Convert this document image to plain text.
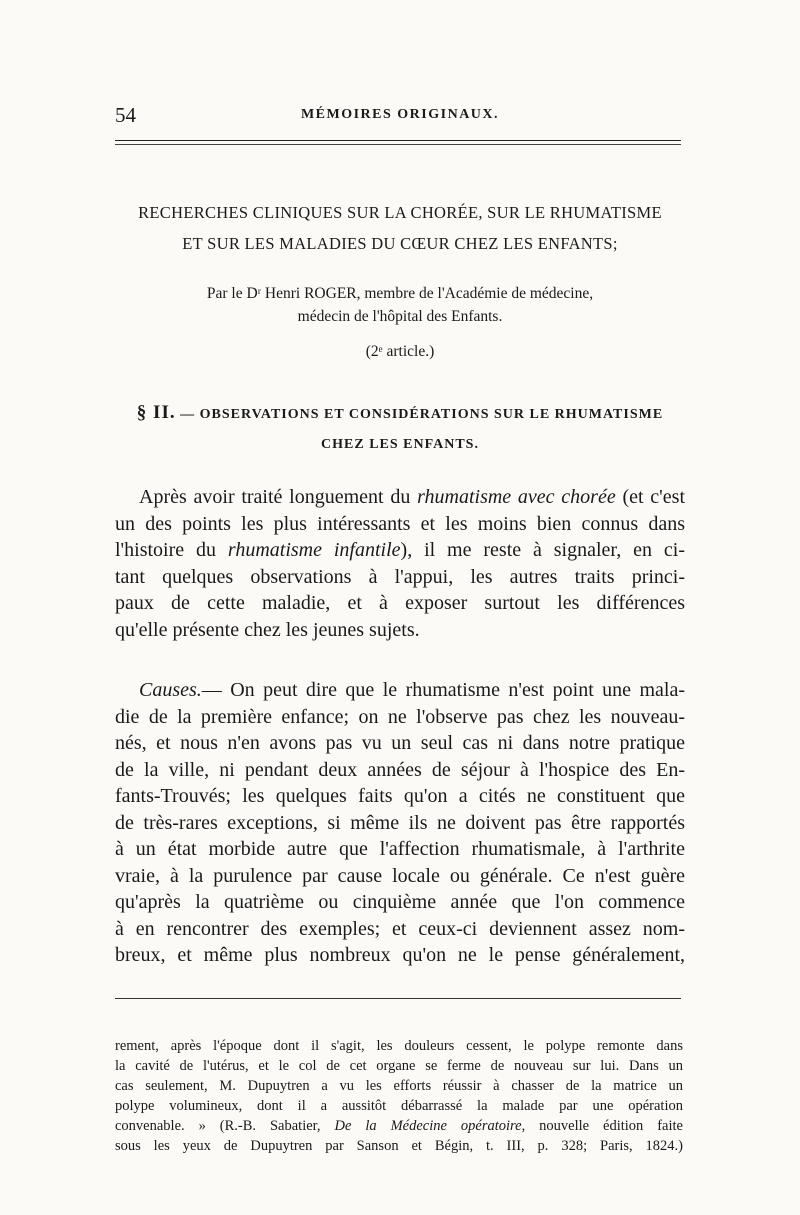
54	MÉMOIRES ORIGINAUX.
RECHERCHES CLINIQUES SUR LA CHORÉE, SUR LE RHUMATISME
ET SUR LES MALADIES DU CŒUR CHEZ LES ENFANTS;
Par le Dʳ Henri ROGER, membre de l'Académie de médecine,
médecin de l'hôpital des Enfants.
(2ᵉ article.)
§ II. — OBSERVATIONS ET CONSIDÉRATIONS SUR LE RHUMATISME
CHEZ LES ENFANTS.
Après avoir traité longuement du rhumatisme avec chorée (et c'est
un des points les plus intéressants et les moins bien connus dans
l'histoire du rhumatisme infantile), il me reste à signaler, en ci-
tant quelques observations à l'appui, les autres traits princi-
paux de cette maladie, et à exposer surtout les différences
qu'elle présente chez les jeunes sujets.
Causes.— On peut dire que le rhumatisme n'est point une mala-
die de la première enfance; on ne l'observe pas chez les nouveau-
nés, et nous n'en avons pas vu un seul cas ni dans notre pratique
de la ville, ni pendant deux années de séjour à l'hospice des En-
fants-Trouvés; les quelques faits qu'on a cités ne constituent que
de très-rares exceptions, si même ils ne doivent pas être rapportés
à un état morbide autre que l'affection rhumatismale, à l'arthrite
vraie, à la purulence par cause locale ou générale. Ce n'est guère
qu'après la quatrième ou cinquième année que l'on commence
à en rencontrer des exemples; et ceux-ci deviennent assez nom-
breux, et même plus nombreux qu'on ne le pense généralement,
rement, après l'époque dont il s'agit, les douleurs cessent, le polype remonte dans
la cavité de l'utérus, et le col de cet organe se ferme de nouveau sur lui. Dans un
cas seulement, M. Dupuytren a vu les efforts réussir à chasser de la matrice un
polype volumineux, dont il a aussitôt débarrassé la malade par une opération
convenable. » (R.-B. Sabatier, De la Médecine opératoire, nouvelle édition faite
sous les yeux de Dupuytren par Sanson et Bégin, t. III, p. 328; Paris, 1824.)
